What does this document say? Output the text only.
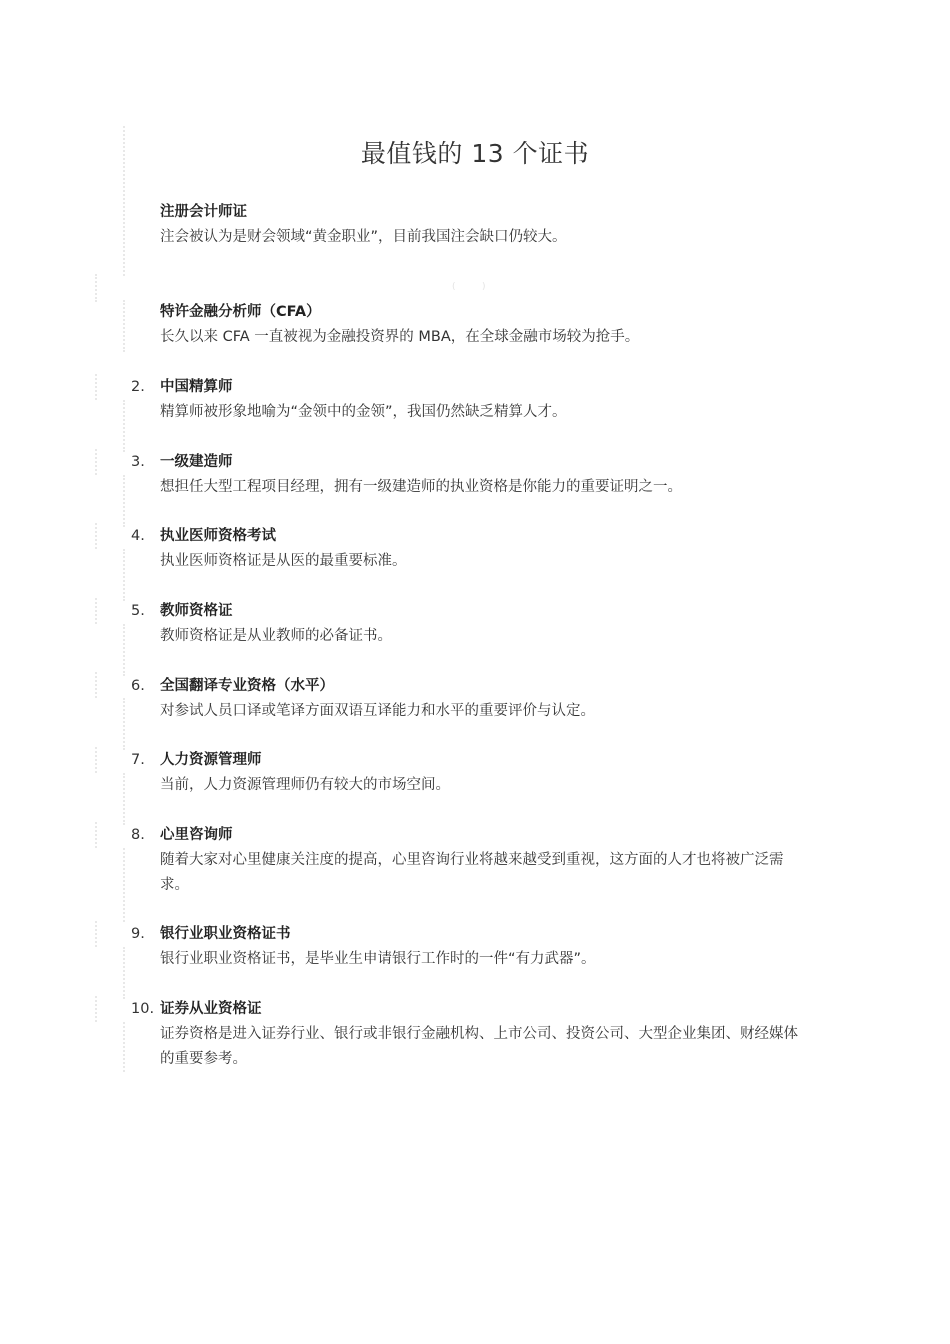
最值钱的 13 个证书
(	)
注册会计师证
注会被认为是财会领域“黄金职业”，目前我国注会缺口仍较大。
特许金融分析师（CFA）
长久以来 CFA 一直被视为金融投资界的 MBA，在全球金融市场较为抢手。
2. 中国精算师
精算师被形象地喻为“金领中的金领”，我国仍然缺乏精算人才。
3. 一级建造师
想担任大型工程项目经理，拥有一级建造师的执业资格是你能力的重要证明之一。
4. 执业医师资格考试
执业医师资格证是从医的最重要标准。
5. 教师资格证
教师资格证是从业教师的必备证书。
6. 全国翻译专业资格（水平）
对参试人员口译或笔译方面双语互译能力和水平的重要评价与认定。
7. 人力资源管理师
当前，人力资源管理师仍有较大的市场空间。
8. 心里咨询师
随着大家对心里健康关注度的提高，心里咨询行业将越来越受到重视，这方面的人才也将被广泛需求。
9. 银行业职业资格证书
银行业职业资格证书，是毕业生申请银行工作时的一件“有力武器”。
10. 证券从业资格证
证券资格是进入证券行业、银行或非银行金融机构、上市公司、投资公司、大型企业集团、财经媒体的重要参考。
